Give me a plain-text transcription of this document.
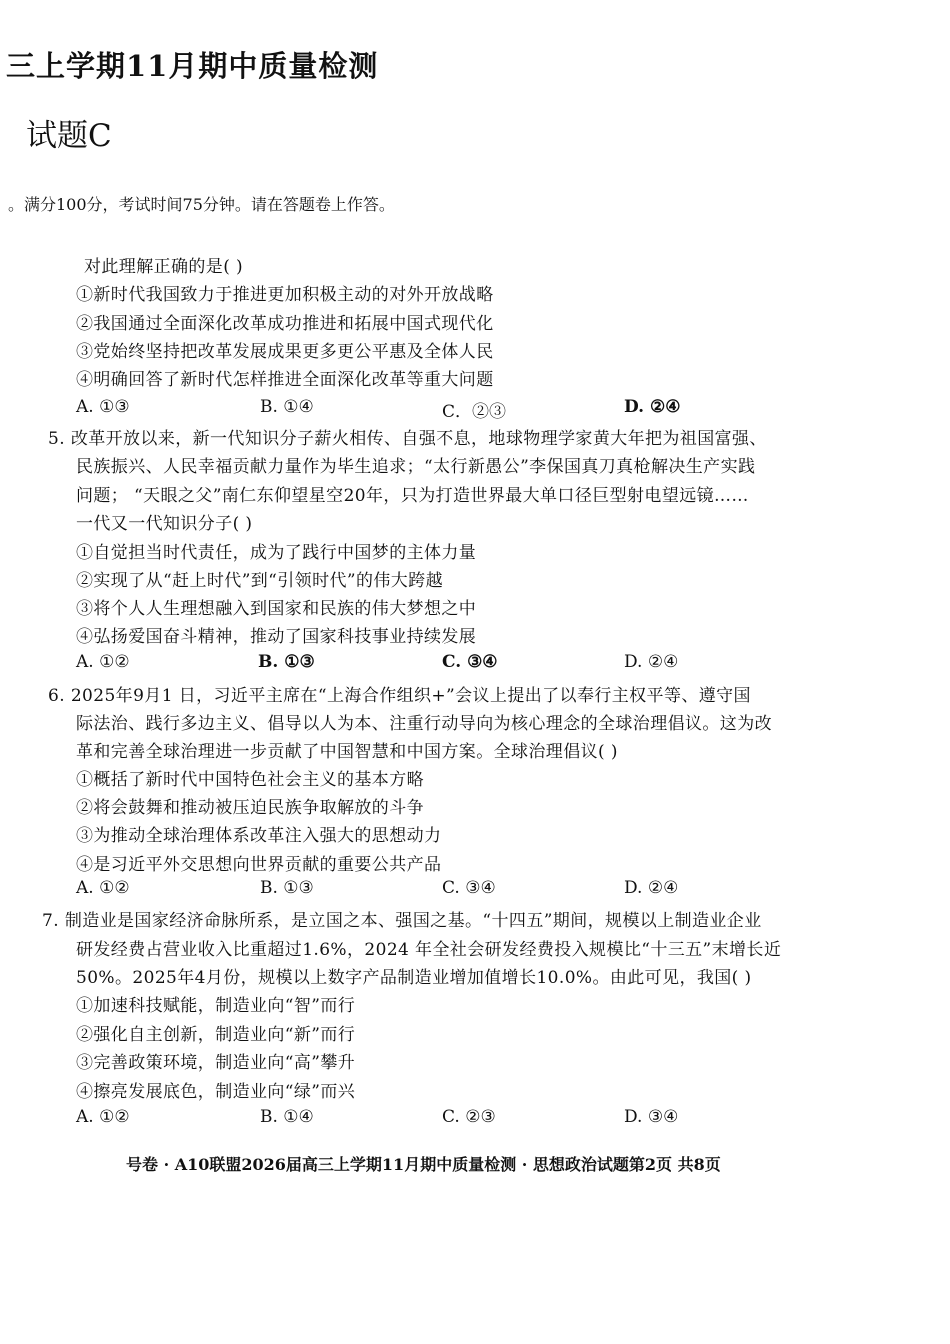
三上学期11月期中质量检测
试题C
。满分100分，考试时间75分钟。请在答题卷上作答。
对此理解正确的是( )
①新时代我国致力于推进更加积极主动的对外开放战略
②我国通过全面深化改革成功推进和拓展中国式现代化
③党始终坚持把改革发展成果更多更公平惠及全体人民
④明确回答了新时代怎样推进全面深化改革等重大问题
A. ①③	B. ①④	C．②③	D. ②④
5. 改革开放以来，新一代知识分子薪火相传、自强不息，地球物理学家黄大年把为祖国富强、
民族振兴、人民幸福贡献力量作为毕生追求；“太行新愚公”李保国真刀真枪解决生产实践
问题； “天眼之父”南仁东仰望星空20年，只为打造世界最大单口径巨型射电望远镜……
一代又一代知识分子( )
①自觉担当时代责任，成为了践行中国梦的主体力量
②实现了从“赶上时代”到“引领时代”的伟大跨越
③将个人人生理想融入到国家和民族的伟大梦想之中
④弘扬爱国奋斗精神，推动了国家科技事业持续发展
A. ①②	B. ①③	C. ③④	D. ②④
6. 2025年9月1 日，习近平主席在“上海合作组织+”会议上提出了以奉行主权平等、遵守国
际法治、践行多边主义、倡导以人为本、注重行动导向为核心理念的全球治理倡议。这为改
革和完善全球治理进一步贡献了中国智慧和中国方案。全球治理倡议( )
①概括了新时代中国特色社会主义的基本方略
②将会鼓舞和推动被压迫民族争取解放的斗争
③为推动全球治理体系改革注入强大的思想动力
④是习近平外交思想向世界贡献的重要公共产品
A. ①②	B. ①③	C. ③④	D. ②④
7. 制造业是国家经济命脉所系，是立国之本、强国之基。“十四五”期间，规模以上制造业企业
研发经费占营业收入比重超过1.6%，2024 年全社会研发经费投入规模比“十三五”末增长近
50%。2025年4月份，规模以上数字产品制造业增加值增长10.0%。由此可见，我国( )
①加速科技赋能，制造业向“智”而行
②强化自主创新，制造业向“新”而行
③完善政策环境，制造业向“高”攀升
④擦亮发展底色，制造业向“绿”而兴
A. ①②	B. ①④	C. ②③	D. ③④
号卷 · A10联盟2026届高三上学期11月期中质量检测 · 思想政治试题第2页 共8页
